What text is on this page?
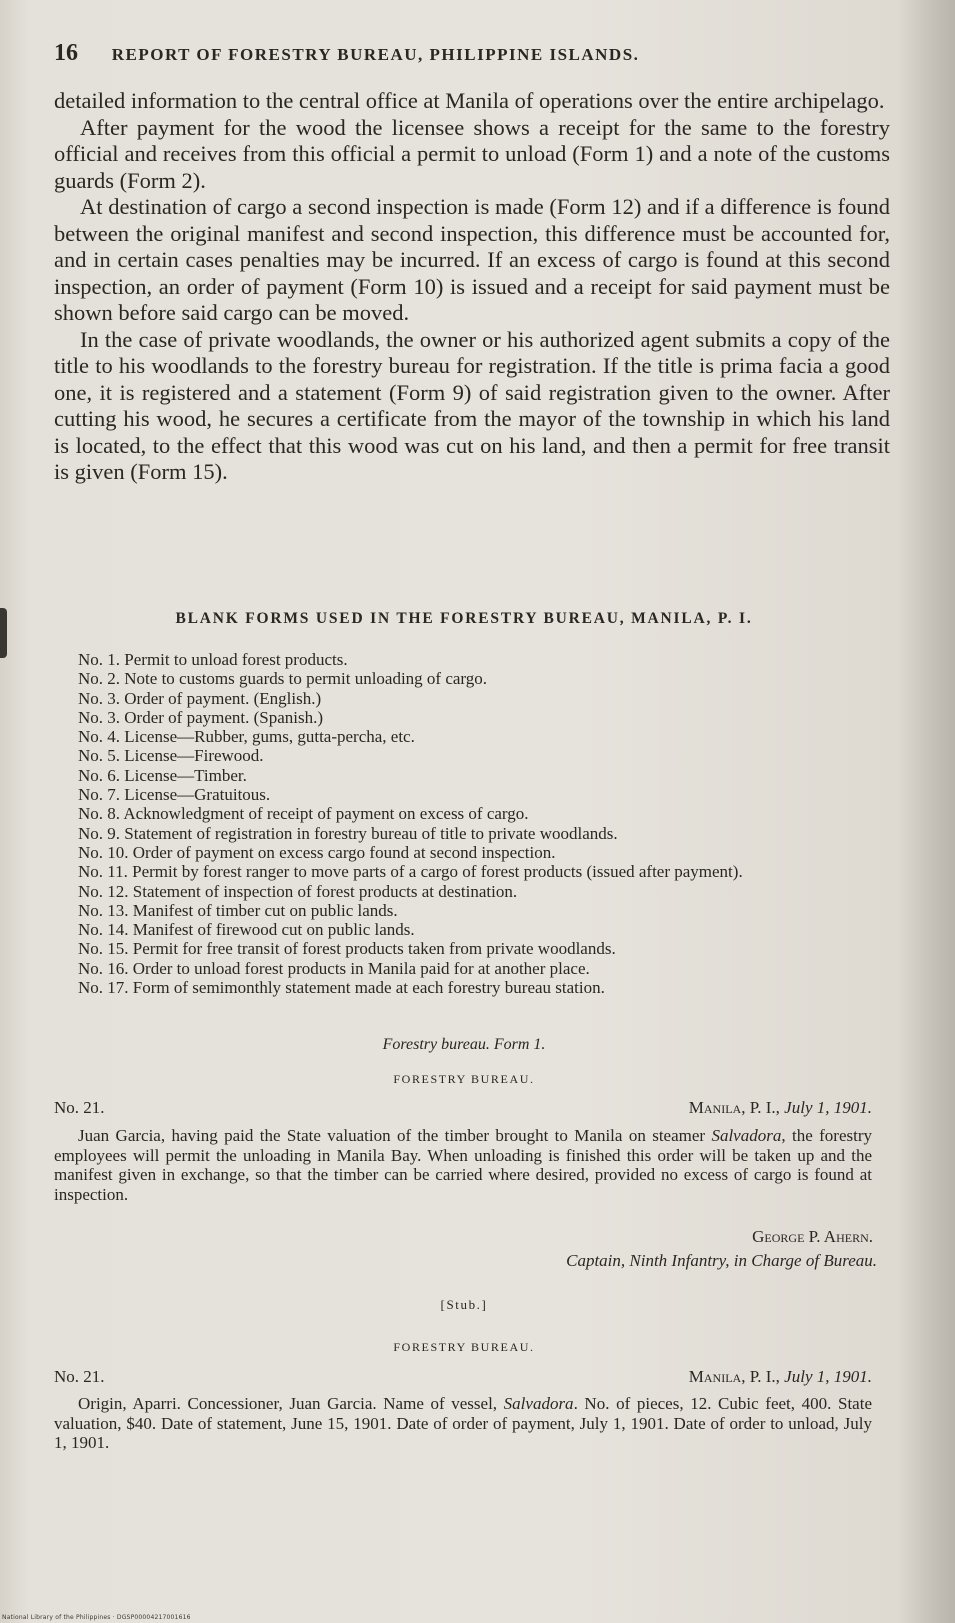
16 REPORT OF FORESTRY BUREAU, PHILIPPINE ISLANDS.

detailed information to the central office at Manila of operations over the entire archipelago.

After payment for the wood the licensee shows a receipt for the same to the forestry official and receives from this official a permit to unload (Form 1) and a note of the customs guards (Form 2).

At destination of cargo a second inspection is made (Form 12) and if a difference is found between the original manifest and second inspection, this difference must be accounted for, and in certain cases penalties may be incurred. If an excess of cargo is found at this second inspection, an order of payment (Form 10) is issued and a receipt for said payment must be shown before said cargo can be moved.

In the case of private woodlands, the owner or his authorized agent submits a copy of the title to his woodlands to the forestry bureau for registration. If the title is prima facia a good one, it is registered and a statement (Form 9) of said registration given to the owner. After cutting his wood, he secures a certificate from the mayor of the township in which his land is located, to the effect that this wood was cut on his land, and then a permit for free transit is given (Form 15).

BLANK FORMS USED IN THE FORESTRY BUREAU, MANILA, P. I.
No. 1. Permit to unload forest products.
No. 2. Note to customs guards to permit unloading of cargo.
No. 3. Order of payment. (English.)
No. 3. Order of payment. (Spanish.)
No. 4. License—Rubber, gums, gutta-percha, etc.
No. 5. License—Firewood.
No. 6. License—Timber.
No. 7. License—Gratuitous.
No. 8. Acknowledgment of receipt of payment on excess of cargo.
No. 9. Statement of registration in forestry bureau of title to private woodlands.
No. 10. Order of payment on excess cargo found at second inspection.
No. 11. Permit by forest ranger to move parts of a cargo of forest products (issued after payment).
No. 12. Statement of inspection of forest products at destination.
No. 13. Manifest of timber cut on public lands.
No. 14. Manifest of firewood cut on public lands.
No. 15. Permit for free transit of forest products taken from private woodlands.
No. 16. Order to unload forest products in Manila paid for at another place.
No. 17. Form of semimonthly statement made at each forestry bureau station.
Forestry bureau. Form 1.
FORESTRY BUREAU.
No. 21.	Manila, P. I., July 1, 1901.

Juan Garcia, having paid the State valuation of the timber brought to Manila on steamer Salvadora, the forestry employees will permit the unloading in Manila Bay. When unloading is finished this order will be taken up and the manifest given in exchange, so that the timber can be carried where desired, provided no excess of cargo is found at inspection.

George P. Ahern.
Captain, Ninth Infantry, in Charge of Bureau.
[Stub.]
FORESTRY BUREAU.
No. 21.	Manila, P. I., July 1, 1901.

Origin, Aparri. Concessioner, Juan Garcia. Name of vessel, Salvadora. No. of pieces, 12. Cubic feet, 400. State valuation, $40. Date of statement, June 15, 1901. Date of order of payment, July 1, 1901. Date of order to unload, July 1, 1901.

National Library of the Philippines · DGSP00004217001616
